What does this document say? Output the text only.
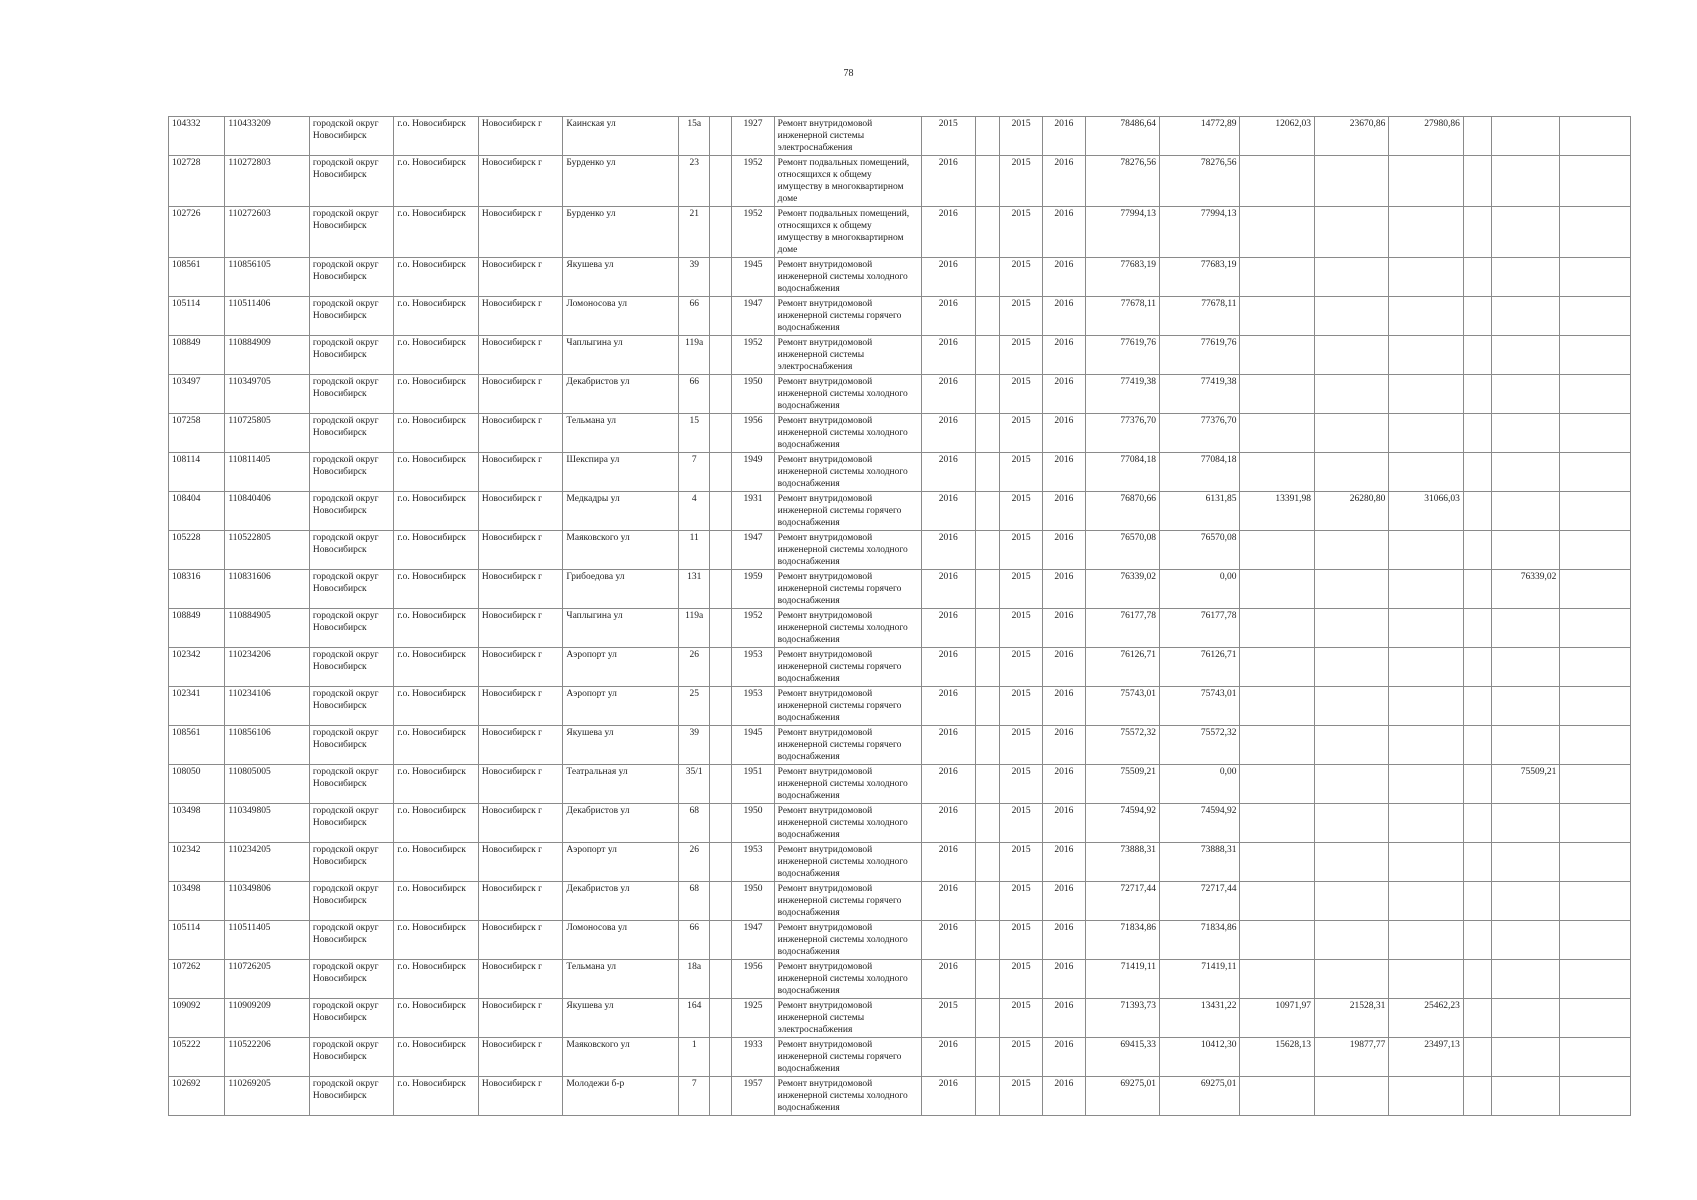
78
104332	110433209	городской округ Новосибирск	г.о. Новосибирск	Новосибирск г	Каинская ул	15а		1927	Ремонт внутридомовой инженерной системы электроснабжения	2015		2015	2016	78486,64	14772,89	12062,03	23670,86	27980,86			
102728	110272803	городской округ Новосибирск	г.о. Новосибирск	Новосибирск г	Бурденко ул	23		1952	Ремонт подвальных помещений, относящихся к общему имуществу в многоквартирном доме	2016		2015	2016	78276,56	78276,56						
102726	110272603	городской округ Новосибирск	г.о. Новосибирск	Новосибирск г	Бурденко ул	21		1952	Ремонт подвальных помещений, относящихся к общему имуществу в многоквартирном доме	2016		2015	2016	77994,13	77994,13						
108561	110856105	городской округ Новосибирск	г.о. Новосибирск	Новосибирск г	Якушева ул	39		1945	Ремонт внутридомовой инженерной системы холодного водоснабжения	2016		2015	2016	77683,19	77683,19						
105114	110511406	городской округ Новосибирск	г.о. Новосибирск	Новосибирск г	Ломоносова ул	66		1947	Ремонт внутридомовой инженерной системы горячего водоснабжения	2016		2015	2016	77678,11	77678,11						
108849	110884909	городской округ Новосибирск	г.о. Новосибирск	Новосибирск г	Чаплыгина ул	119а		1952	Ремонт внутридомовой инженерной системы электроснабжения	2016		2015	2016	77619,76	77619,76						
103497	110349705	городской округ Новосибирск	г.о. Новосибирск	Новосибирск г	Декабристов ул	66		1950	Ремонт внутридомовой инженерной системы холодного водоснабжения	2016		2015	2016	77419,38	77419,38						
107258	110725805	городской округ Новосибирск	г.о. Новосибирск	Новосибирск г	Тельмана ул	15		1956	Ремонт внутридомовой инженерной системы холодного водоснабжения	2016		2015	2016	77376,70	77376,70						
108114	110811405	городской округ Новосибирск	г.о. Новосибирск	Новосибирск г	Шекспира ул	7		1949	Ремонт внутридомовой инженерной системы холодного водоснабжения	2016		2015	2016	77084,18	77084,18						
108404	110840406	городской округ Новосибирск	г.о. Новосибирск	Новосибирск г	Медкадры ул	4		1931	Ремонт внутридомовой инженерной системы горячего водоснабжения	2016		2015	2016	76870,66	6131,85	13391,98	26280,80	31066,03			
105228	110522805	городской округ Новосибирск	г.о. Новосибирск	Новосибирск г	Маяковского ул	11		1947	Ремонт внутридомовой инженерной системы холодного водоснабжения	2016		2015	2016	76570,08	76570,08						
108316	110831606	городской округ Новосибирск	г.о. Новосибирск	Новосибирск г	Грибоедова ул	131		1959	Ремонт внутридомовой инженерной системы горячего водоснабжения	2016		2015	2016	76339,02	0,00					76339,02	
108849	110884905	городской округ Новосибирск	г.о. Новосибирск	Новосибирск г	Чаплыгина ул	119а		1952	Ремонт внутридомовой инженерной системы холодного водоснабжения	2016		2015	2016	76177,78	76177,78						
102342	110234206	городской округ Новосибирск	г.о. Новосибирск	Новосибирск г	Аэропорт ул	26		1953	Ремонт внутридомовой инженерной системы горячего водоснабжения	2016		2015	2016	76126,71	76126,71						
102341	110234106	городской округ Новосибирск	г.о. Новосибирск	Новосибирск г	Аэропорт ул	25		1953	Ремонт внутридомовой инженерной системы горячего водоснабжения	2016		2015	2016	75743,01	75743,01						
108561	110856106	городской округ Новосибирск	г.о. Новосибирск	Новосибирск г	Якушева ул	39		1945	Ремонт внутридомовой инженерной системы горячего водоснабжения	2016		2015	2016	75572,32	75572,32						
108050	110805005	городской округ Новосибирск	г.о. Новосибирск	Новосибирск г	Театральная ул	35/1		1951	Ремонт внутридомовой инженерной системы холодного водоснабжения	2016		2015	2016	75509,21	0,00					75509,21	
103498	110349805	городской округ Новосибирск	г.о. Новосибирск	Новосибирск г	Декабристов ул	68		1950	Ремонт внутридомовой инженерной системы холодного водоснабжения	2016		2015	2016	74594,92	74594,92						
102342	110234205	городской округ Новосибирск	г.о. Новосибирск	Новосибирск г	Аэропорт ул	26		1953	Ремонт внутридомовой инженерной системы холодного водоснабжения	2016		2015	2016	73888,31	73888,31						
103498	110349806	городской округ Новосибирск	г.о. Новосибирск	Новосибирск г	Декабристов ул	68		1950	Ремонт внутридомовой инженерной системы горячего водоснабжения	2016		2015	2016	72717,44	72717,44						
105114	110511405	городской округ Новосибирск	г.о. Новосибирск	Новосибирск г	Ломоносова ул	66		1947	Ремонт внутридомовой инженерной системы холодного водоснабжения	2016		2015	2016	71834,86	71834,86						
107262	110726205	городской округ Новосибирск	г.о. Новосибирск	Новосибирск г	Тельмана ул	18а		1956	Ремонт внутридомовой инженерной системы холодного водоснабжения	2016		2015	2016	71419,11	71419,11						
109092	110909209	городской округ Новосибирск	г.о. Новосибирск	Новосибирск г	Якушева ул	164		1925	Ремонт внутридомовой инженерной системы электроснабжения	2015		2015	2016	71393,73	13431,22	10971,97	21528,31	25462,23			
105222	110522206	городской округ Новосибирск	г.о. Новосибирск	Новосибирск г	Маяковского ул	1		1933	Ремонт внутридомовой инженерной системы горячего водоснабжения	2016		2015	2016	69415,33	10412,30	15628,13	19877,77	23497,13			
102692	110269205	городской округ Новосибирск	г.о. Новосибирск	Новосибирск г	Молодежи б-р	7		1957	Ремонт внутридомовой инженерной системы холодного водоснабжения	2016		2015	2016	69275,01	69275,01						
